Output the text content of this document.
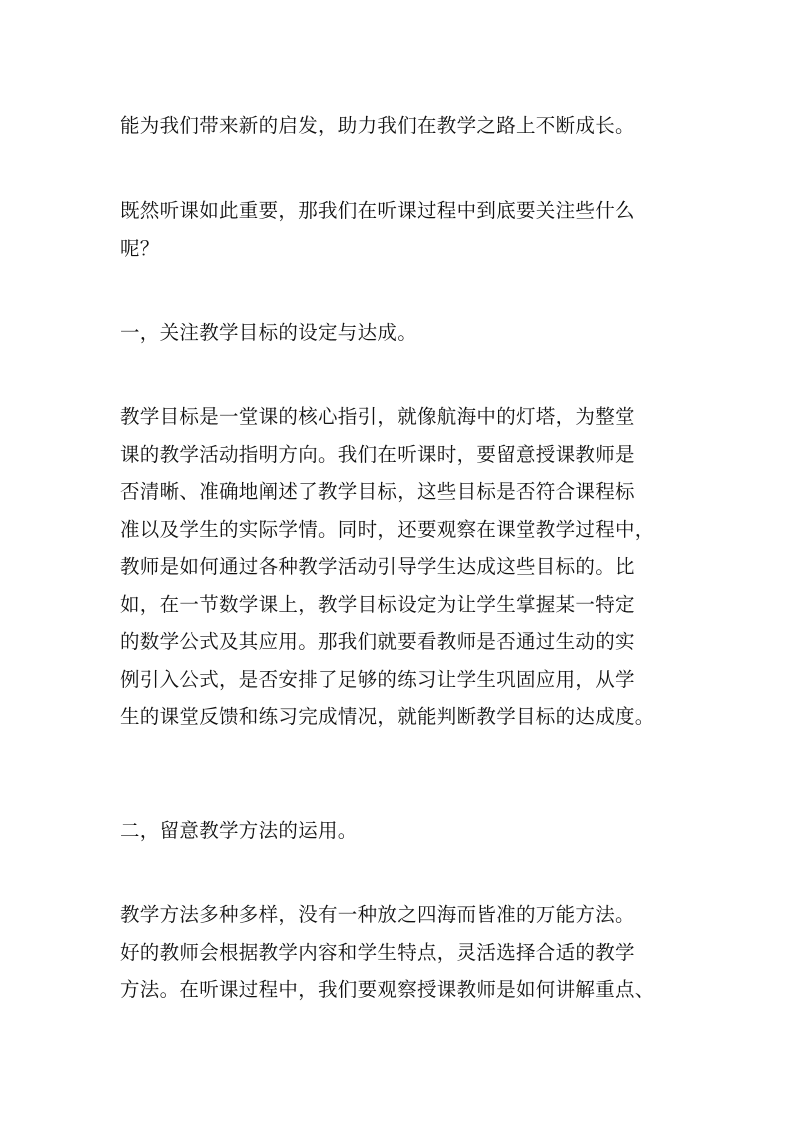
能为我们带来新的启发，助力我们在教学之路上不断成长。

既然听课如此重要，那我们在听课过程中到底要关注些什么
呢？

一，关注教学目标的设定与达成。

教学目标是一堂课的核心指引，就像航海中的灯塔，为整堂
课的教学活动指明方向。我们在听课时，要留意授课教师是
否清晰、准确地阐述了教学目标，这些目标是否符合课程标
准以及学生的实际学情。同时，还要观察在课堂教学过程中，
教师是如何通过各种教学活动引导学生达成这些目标的。比
如，在一节数学课上，教学目标设定为让学生掌握某一特定
的数学公式及其应用。那我们就要看教师是否通过生动的实
例引入公式，是否安排了足够的练习让学生巩固应用，从学
生的课堂反馈和练习完成情况，就能判断教学目标的达成度。

二，留意教学方法的运用。

教学方法多种多样，没有一种放之四海而皆准的万能方法。
好的教师会根据教学内容和学生特点，灵活选择合适的教学
方法。在听课过程中，我们要观察授课教师是如何讲解重点、
